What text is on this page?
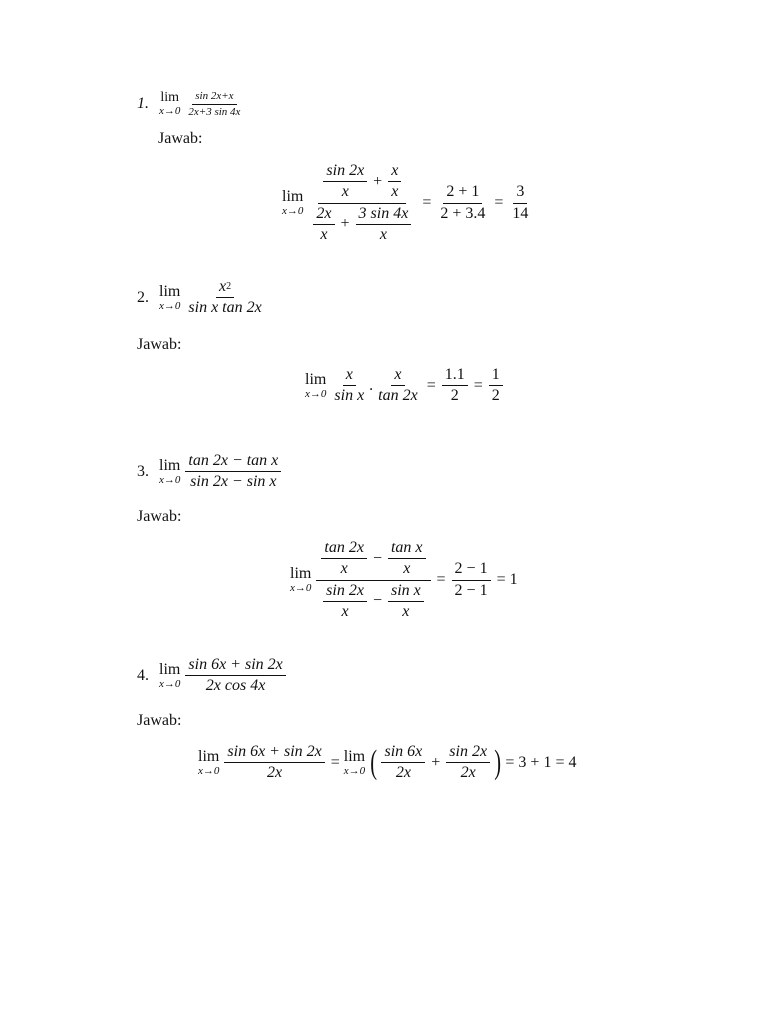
1. lim
$x\to 0 \frac{\sin 2x+x}{2x+3 \sin 4x}$
Jawab:
lim
x→0
$\frac{\sin 2x}{x} + \frac{x}{x}$
$\frac{2x}{x} + \frac{3 \sin 4x}{x}$
= $\frac{2 + 1}{2 + 3.4} = \frac{3}{14}$
2. lim
$x\to 0 \frac{x 2}{\text{sin x tan 2x}}$
Jawab:
lim
$x\to 0 \frac{x}{\text{sin x}}$ . $\frac{x}{\tan 2x} = \frac{1.1}{2} = \frac{1}{2}$
3. lim
$x\to 0 \frac{\text{tan 2x − tan x}}{\text{sin 2x − sin x}}$
Jawab:
lim
x→0
$\frac{\tan 2x}{x} - \frac{\text{tan x}}{x}$
$\frac{\sin 2x}{x} - \frac{\text{sin x}}{x}$
= $\frac{2 - 1}{2 - 1} = 1$
4. lim
$x\to 0 \frac{\sin 6x + \sin 2x}{\text{2x cos 4x}}$
Jawab:
lim
$x\to 0 \frac{\sin 6x + \sin 2x}{2x} = \lim$
x→0 ( $\frac{\sin 6x}{2x} + \frac{\sin 2x}{2x}$ ) = 3 + 1 = 4
